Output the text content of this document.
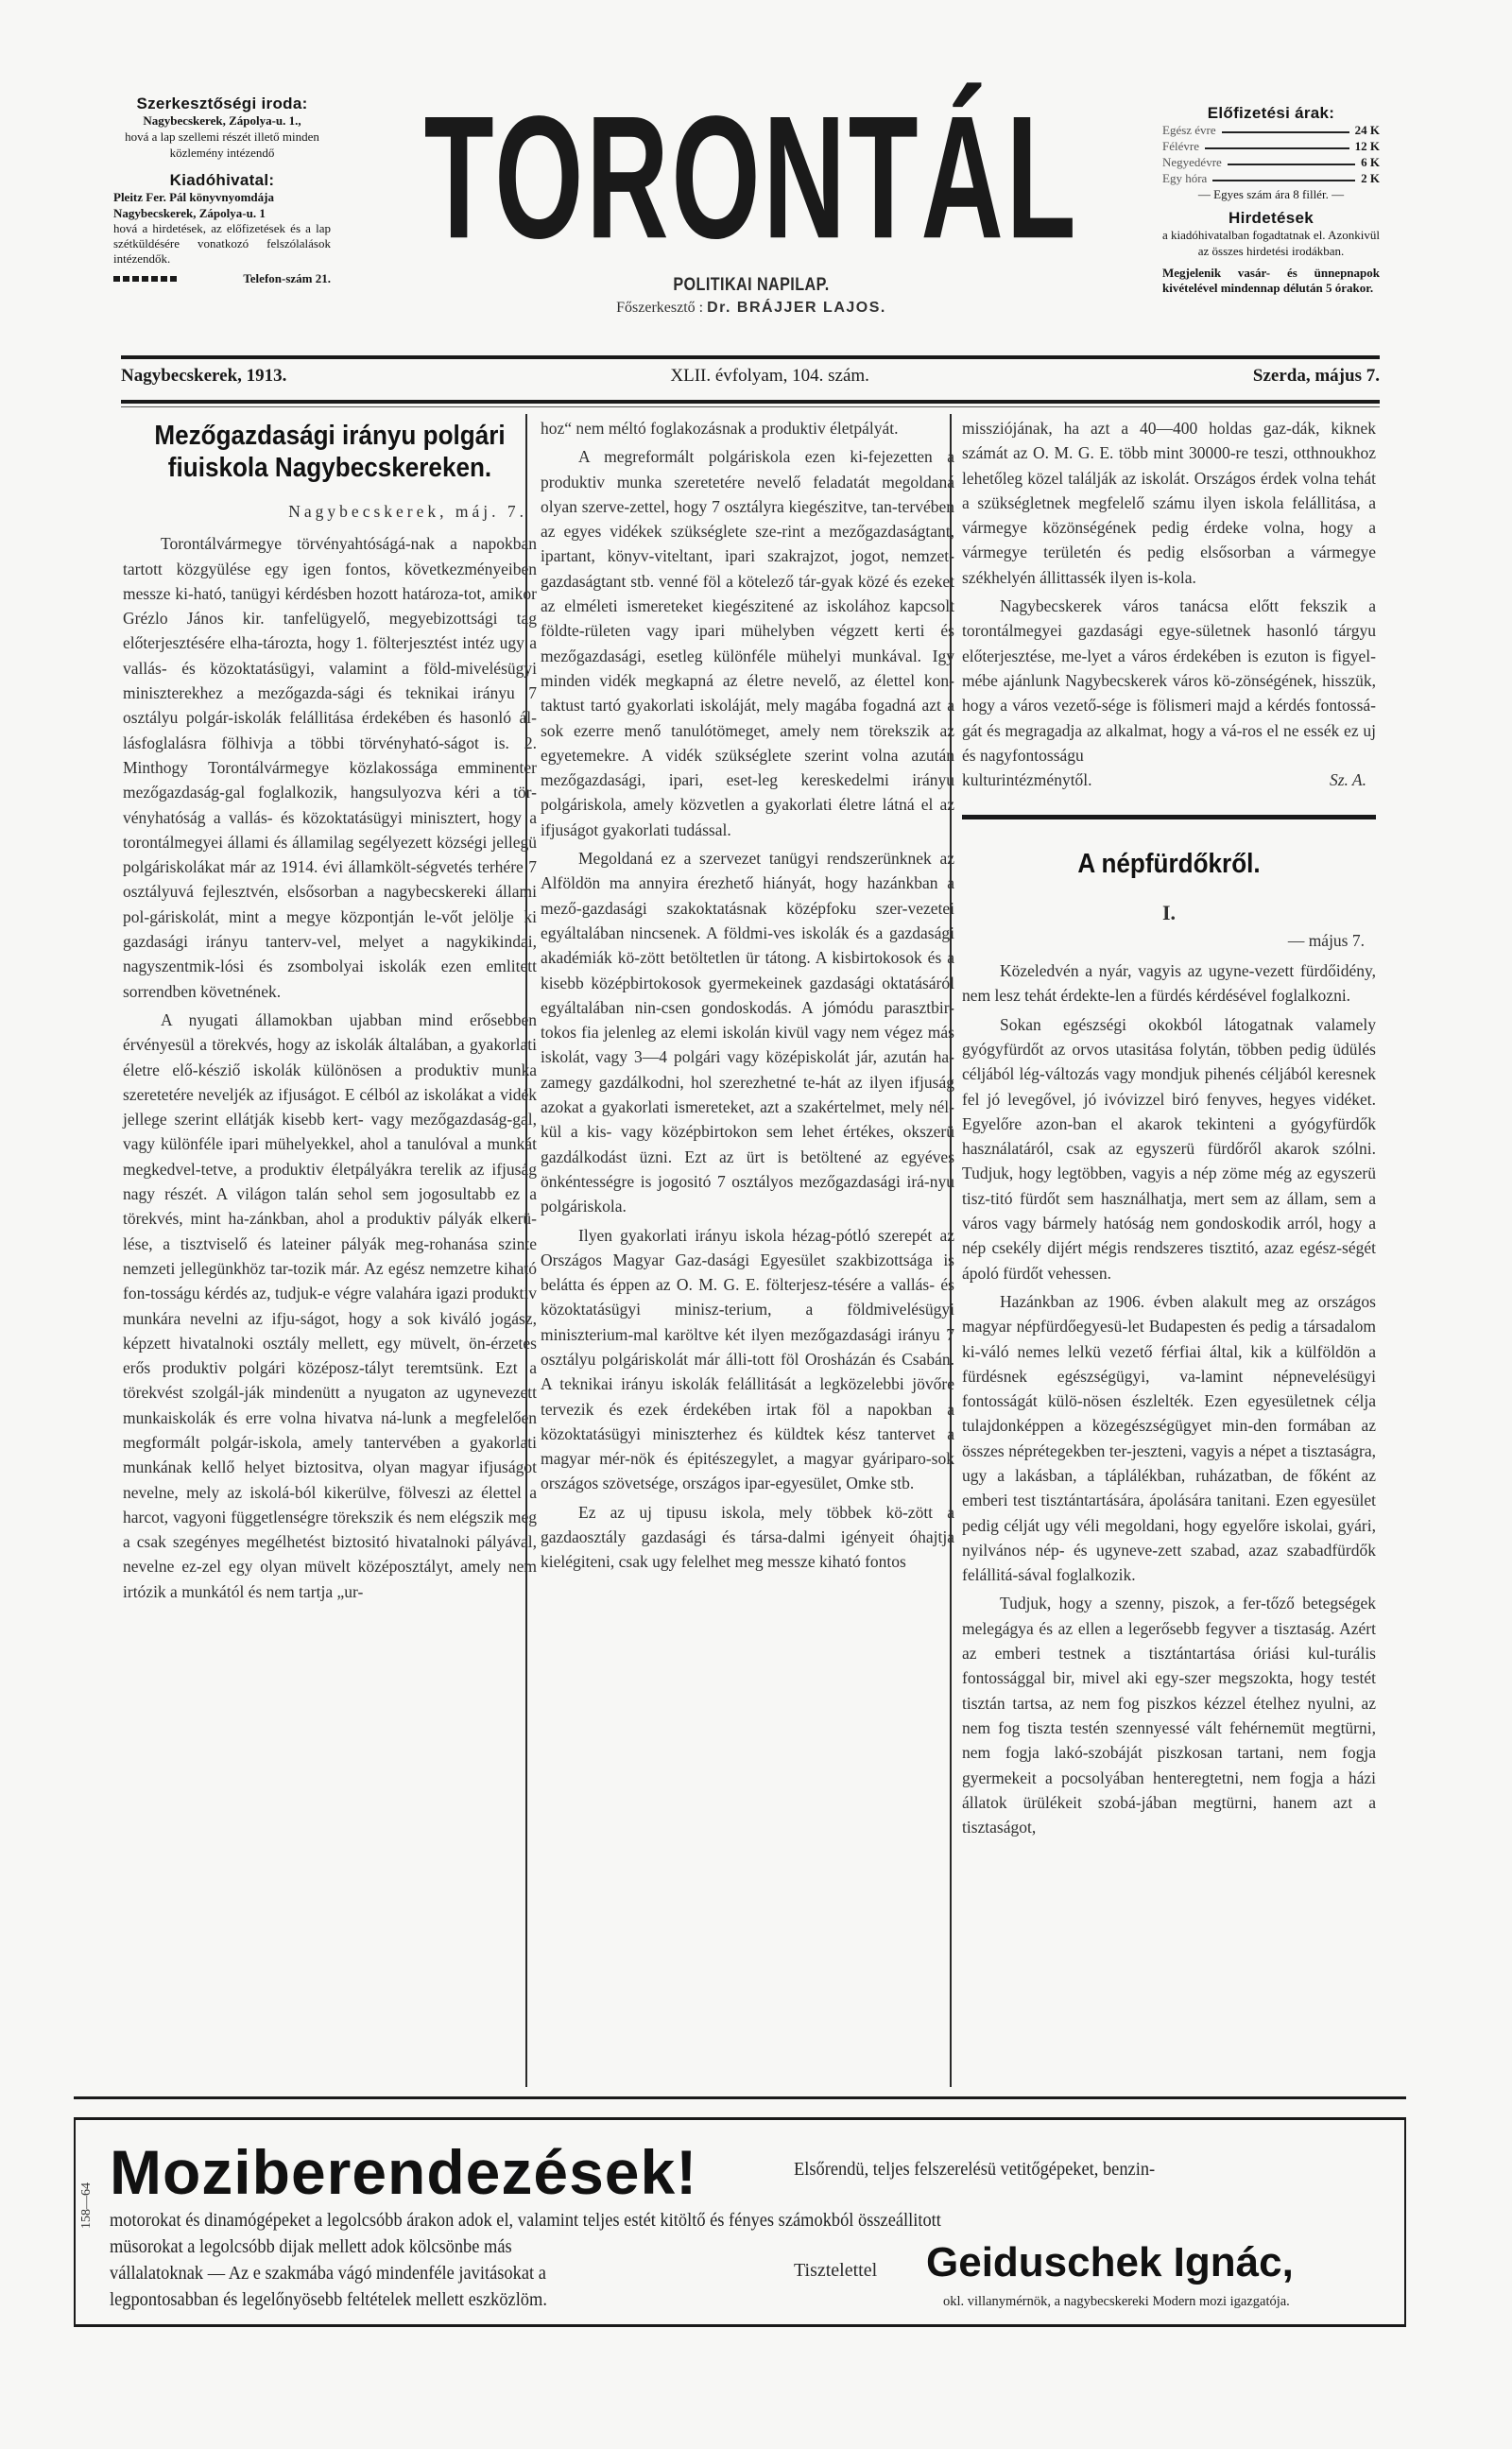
Szerkesztőségi iroda:
Nagybecskerek, Zápolya-u. 1.,
hová a lap szellemi részét illető minden közlemény intézendő
Kiadóhivatal:
Pleitz Fer. Pál könyvnyomdája
Nagybecskerek, Zápolya-u. 1
hová a hirdetések, az előfizetések és a lap szétküldésére vonatkozó felszólalások intézendők.
Telefon-szám 21.
TORONTÁL
POLITIKAI NAPILAP.
Főszerkesztő : Dr. BRÁJJER LAJOS.
Előfizetési árak:
Egész évre	24 K
Félévre	12 K
Negyedévre	6 K
Egy hóra	2 K
— Egyes szám ára 8 fillér. —
Hirdetések
a kiadóhivatalban fogadtatnak el. Azonkivül az összes hirdetési irodákban.
Megjelenik vasár- és ünnepnapok kivételével mindennap délután 5 órakor.
Nagybecskerek, 1913.	XLII. évfolyam, 104. szám.	Szerda, május 7.
Mezőgazdasági irányu polgári fiuiskola Nagybecskereken.
Nagybecskerek, máj. 7.

Torontálvármegye törvényahtóságá-nak a napokban tartott közgyülése egy igen fontos, következményeiben messze ki-ható, tanügyi kérdésben hozott határoza-tot, amikor Grézlo János kir. tanfelügyelő, megyebizottsági tag előterjesztésére elha-tározta, hogy 1. fölterjesztést intéz ugy a vallás- és közoktatásügyi, valamint a föld-mivelésügyi miniszterekhez a mezőgazda-sági és teknikai irányu 7 osztályu polgár-iskolák felállitása érdekében és hasonló ál-lásfoglalásra fölhivja a többi törvényható-ságot is. 2. Minthogy Torontálvármegye közlakossága emminenter mezőgazdaság-gal foglalkozik, hangsulyozva kéri a tör-vényhatóság a vallás- és közoktatásügyi minisztert, hogy a torontálmegyei állami és államilag segélyezett községi jellegü polgáriskolákat már az 1914. évi államkölt-ségvetés terhére 7 osztályuvá fejlesztvén, elsősorban a nagybecskereki állami pol-gáriskolát, mint a megye központján le-vőt jelölje ki gazdasági irányu tanterv-vel, melyet a nagykikindai, nagyszentmik-lósi és zsombolyai iskolák ezen emlitett sorrendben követnének.

A nyugati államokban ujabban mind erősebben érvényesül a törekvés, hogy az iskolák általában, a gyakorlati életre elő-késziő iskolák különösen a produktiv munka szeretetére neveljék az ifjuságot. E célból az iskolákat a vidék jellege szerint ellátják kisebb kert- vagy mezőgazdaság-gal, vagy különféle ipari mühelyekkel, ahol a tanulóval a munkát megkedvel-tetve, a produktiv életpályákra terelik az ifjuság nagy részét. A világon talán sehol sem jogosultabb ez a törekvés, mint ha-zánkban, ahol a produktiv pályák elkerü-lése, a tisztviselő és lateiner pályák meg-rohanása szinte nemzeti jellegünkhöz tar-tozik már. Az egész nemzetre kiható fon-tosságu kérdés az, tudjuk-e végre valahára igazi produktiv munkára nevelni az ifju-ságot, hogy a sok kiváló jogász, képzett hivatalnoki osztály mellett, egy müvelt, ön-érzetes erős produktiv polgári középosz-tályt teremtsünk. Ezt a törekvést szolgál-ják mindenütt a nyugaton az ugynevezett munkaiskolák és erre volna hivatva ná-lunk a megfelelően megformált polgár-iskola, amely tantervében a gyakorlati munkának kellő helyet biztositva, olyan magyar ifjuságot nevelne, mely az iskolá-ból kikerülve, fölveszi az élettel a harcot, vagyoni függetlenségre törekszik és nem elégszik meg a csak szegényes megélhetést biztositó hivatalnoki pályával, nevelne ez-zel egy olyan müvelt középosztályt, amely nem irtózik a munkától és nem tartja „ur-

hoz“ nem méltó foglakozásnak a produktiv életpályát.

A megreformált polgáriskola ezen ki-fejezetten a produktiv munka szeretetére nevelő feladatát megoldaná olyan szerve-zettel, hogy 7 osztályra kiegészitve, tan-tervében az egyes vidékek szükséglete sze-rint a mezőgazdaságtant, ipartant, könyv-viteltant, ipari szakrajzot, jogot, nemzet-gazdaságtant stb. venné föl a kötelező tár-gyak közé és ezeket az elméleti ismereteket kiegészitené az iskolához kapcsolt földte-rületen vagy ipari mühelyben végzett kerti és mezőgazdasági, esetleg különféle mühelyi munkával. Igy minden vidék megkapná az életre nevelő, az élettel kon-taktust tartó gyakorlati iskoláját, mely magába fogadná azt a sok ezerre menő tanulótömeget, amely nem törekszik az egyetemekre. A vidék szükséglete szerint volna azután mezőgazdasági, ipari, eset-leg kereskedelmi irányu polgáriskola, amely közvetlen a gyakorlati életre látná el az ifjuságot gyakorlati tudással.

Megoldaná ez a szervezet tanügyi rendszerünknek az Alföldön ma annyira érezhető hiányát, hogy hazánkban a mező-gazdasági szakoktatásnak középfoku szer-vezetei egyáltalában nincsenek. A földmi-ves iskolák és a gazdasági akadémiák kö-zött betöltetlen ür tátong. A kisbirtokosok és a kisebb középbirtokosok gyermekeinek gazdasági oktatásáról egyáltalában nin-csen gondoskodás. A jómódu parasztbir-tokos fia jelenleg az elemi iskolán kivül vagy nem végez más iskolát, vagy 3—4 polgári vagy középiskolát jár, azután ha-zamegy gazdálkodni, hol szerezhetné te-hát az ilyen ifjuság azokat a gyakorlati ismereteket, azt a szakértelmet, mely nél-kül a kis- vagy középbirtokon sem lehet értékes, okszerü gazdálkodást üzni. Ezt az ürt is betöltené az egyéves önkéntességre is jogositó 7 osztályos mezőgazdasági irá-nyu polgáriskola.

Ilyen gyakorlati irányu iskola hézag-pótló szerepét az Országos Magyar Gaz-dasági Egyesület szakbizottsága is belátta és éppen az O. M. G. E. fölterjesz-tésére a vallás- és közoktatásügyi minisz-terium, a földmivelésügyi miniszterium-mal karöltve két ilyen mezőgazdasági irányu 7 osztályu polgáriskolát már álli-tott föl Orosházán és Csabán. A teknikai irányu iskolák felállitását a legközelebbi jövőre tervezik és ezek érdekében irtak föl a napokban a közoktatásügyi miniszterhez és küldtek kész tantervet a magyar mér-nök és épitészegylet, a magyar gyáriparo-sok országos szövetsége, országos ipar-egyesület, Omke stb.

Ez az uj tipusu iskola, mely többek kö-zött a gazdaosztály gazdasági és társa-dalmi igényeit óhajtja kielégiteni, csak ugy felelhet meg messze kiható fontos

missziójának, ha azt a 40—400 holdas gaz-dák, kiknek számát az O. M. G. E. több mint 30000-re teszi, otthnoukhoz lehetőleg közel találják az iskolát. Országos érdek volna tehát a szükségletnek megfelelő számu ilyen iskola felállitása, a vármegye közönségének pedig érdeke volna, hogy a vármegye területén és pedig elsősorban a vármegye székhelyén állittassék ilyen is-kola.

Nagybecskerek város tanácsa előtt fekszik a torontálmegyei gazdasági egye-sületnek hasonló tárgyu előterjesztése, me-lyet a város érdekében is ezuton is figyel-mébe ajánlunk Nagybecskerek város kö-zönségének, hisszük, hogy a város vezető-sége is fölismeri majd a kérdés fontossá-gát és megragadja az alkalmat, hogy a vá-ros el ne essék ez uj és nagyfontosságu

kulturintézménytől.	Sz. A.
A népfürdőkről.
I.
— május 7.

Közeledvén a nyár, vagyis az ugyne-vezett fürdőidény, nem lesz tehát érdekte-len a fürdés kérdésével foglalkozni.

Sokan egészségi okokból látogatnak valamely gyógyfürdőt az orvos utasitása folytán, többen pedig üdülés céljából lég-változás vagy mondjuk pihenés céljából keresnek fel jó levegővel, jó ivóvizzel biró fenyves, hegyes vidéket. Egyelőre azon-ban el akarok tekinteni a gyógyfürdők használatáról, csak az egyszerü fürdőről akarok szólni. Tudjuk, hogy legtöbben, vagyis a nép zöme még az egyszerü tisz-titó fürdőt sem használhatja, mert sem az állam, sem a város vagy bármely hatóság nem gondoskodik arról, hogy a nép csekély dijért mégis rendszeres tisztitó, azaz egész-ségét ápoló fürdőt vehessen.

Hazánkban az 1906. évben alakult meg az országos magyar népfürdőegyesü-let Budapesten és pedig a társadalom ki-váló nemes lelkü vezető férfiai által, kik a külföldön a fürdésnek egészségügyi, va-lamint népnevelésügyi fontosságát külö-nösen észlelték. Ezen egyesületnek célja tulajdonképpen a közegészségügyet min-den formában az összes néprétegekben ter-jeszteni, vagyis a népet a tisztaságra, ugy a lakásban, a táplálékban, ruházatban, de főként az emberi test tisztántartására, ápolására tanitani. Ezen egyesület pedig célját ugy véli megoldani, hogy egyelőre iskolai, gyári, nyilvános nép- és ugyneve-zett szabad, azaz szabadfürdők felállitá-sával foglalkozik.

Tudjuk, hogy a szenny, piszok, a fer-tőző betegségek melegágya és az ellen a legerősebb fegyver a tisztaság. Azért az emberi testnek a tisztántartása óriási kul-turális fontossággal bir, mivel aki egy-szer megszokta, hogy testét tisztán tartsa, az nem fog piszkos kézzel ételhez nyulni, az nem fog tiszta testén szennyessé vált fehérnemüt megtürni, nem fogja lakó-szobáját piszkosan tartani, nem fogja gyermekeit a pocsolyában henteregtetni, nem fogja a házi állatok ürülékeit szobá-jában megtürni, hanem azt a tisztaságot,

158—64 Moziberendezések!	Elsőrendü, teljes felszerelésü vetitőgépeket, benzin-
motorokat és dinamógépeket a legolcsóbb árakon adok el, valamint teljes estét kitöltő és fényes számokból összeállitott
müsorokat a legolcsóbb dijak mellett adok kölcsönbe más
vállalatoknak — Az e szakmába vágó mindenféle javitásokat a
legpontosabban és legelőnyösebb feltételek mellett eszközlöm.
Tisztelettel Geiduschek Ignác,
okl. villanymérnök, a nagybecskereki Modern mozi igazgatója.
